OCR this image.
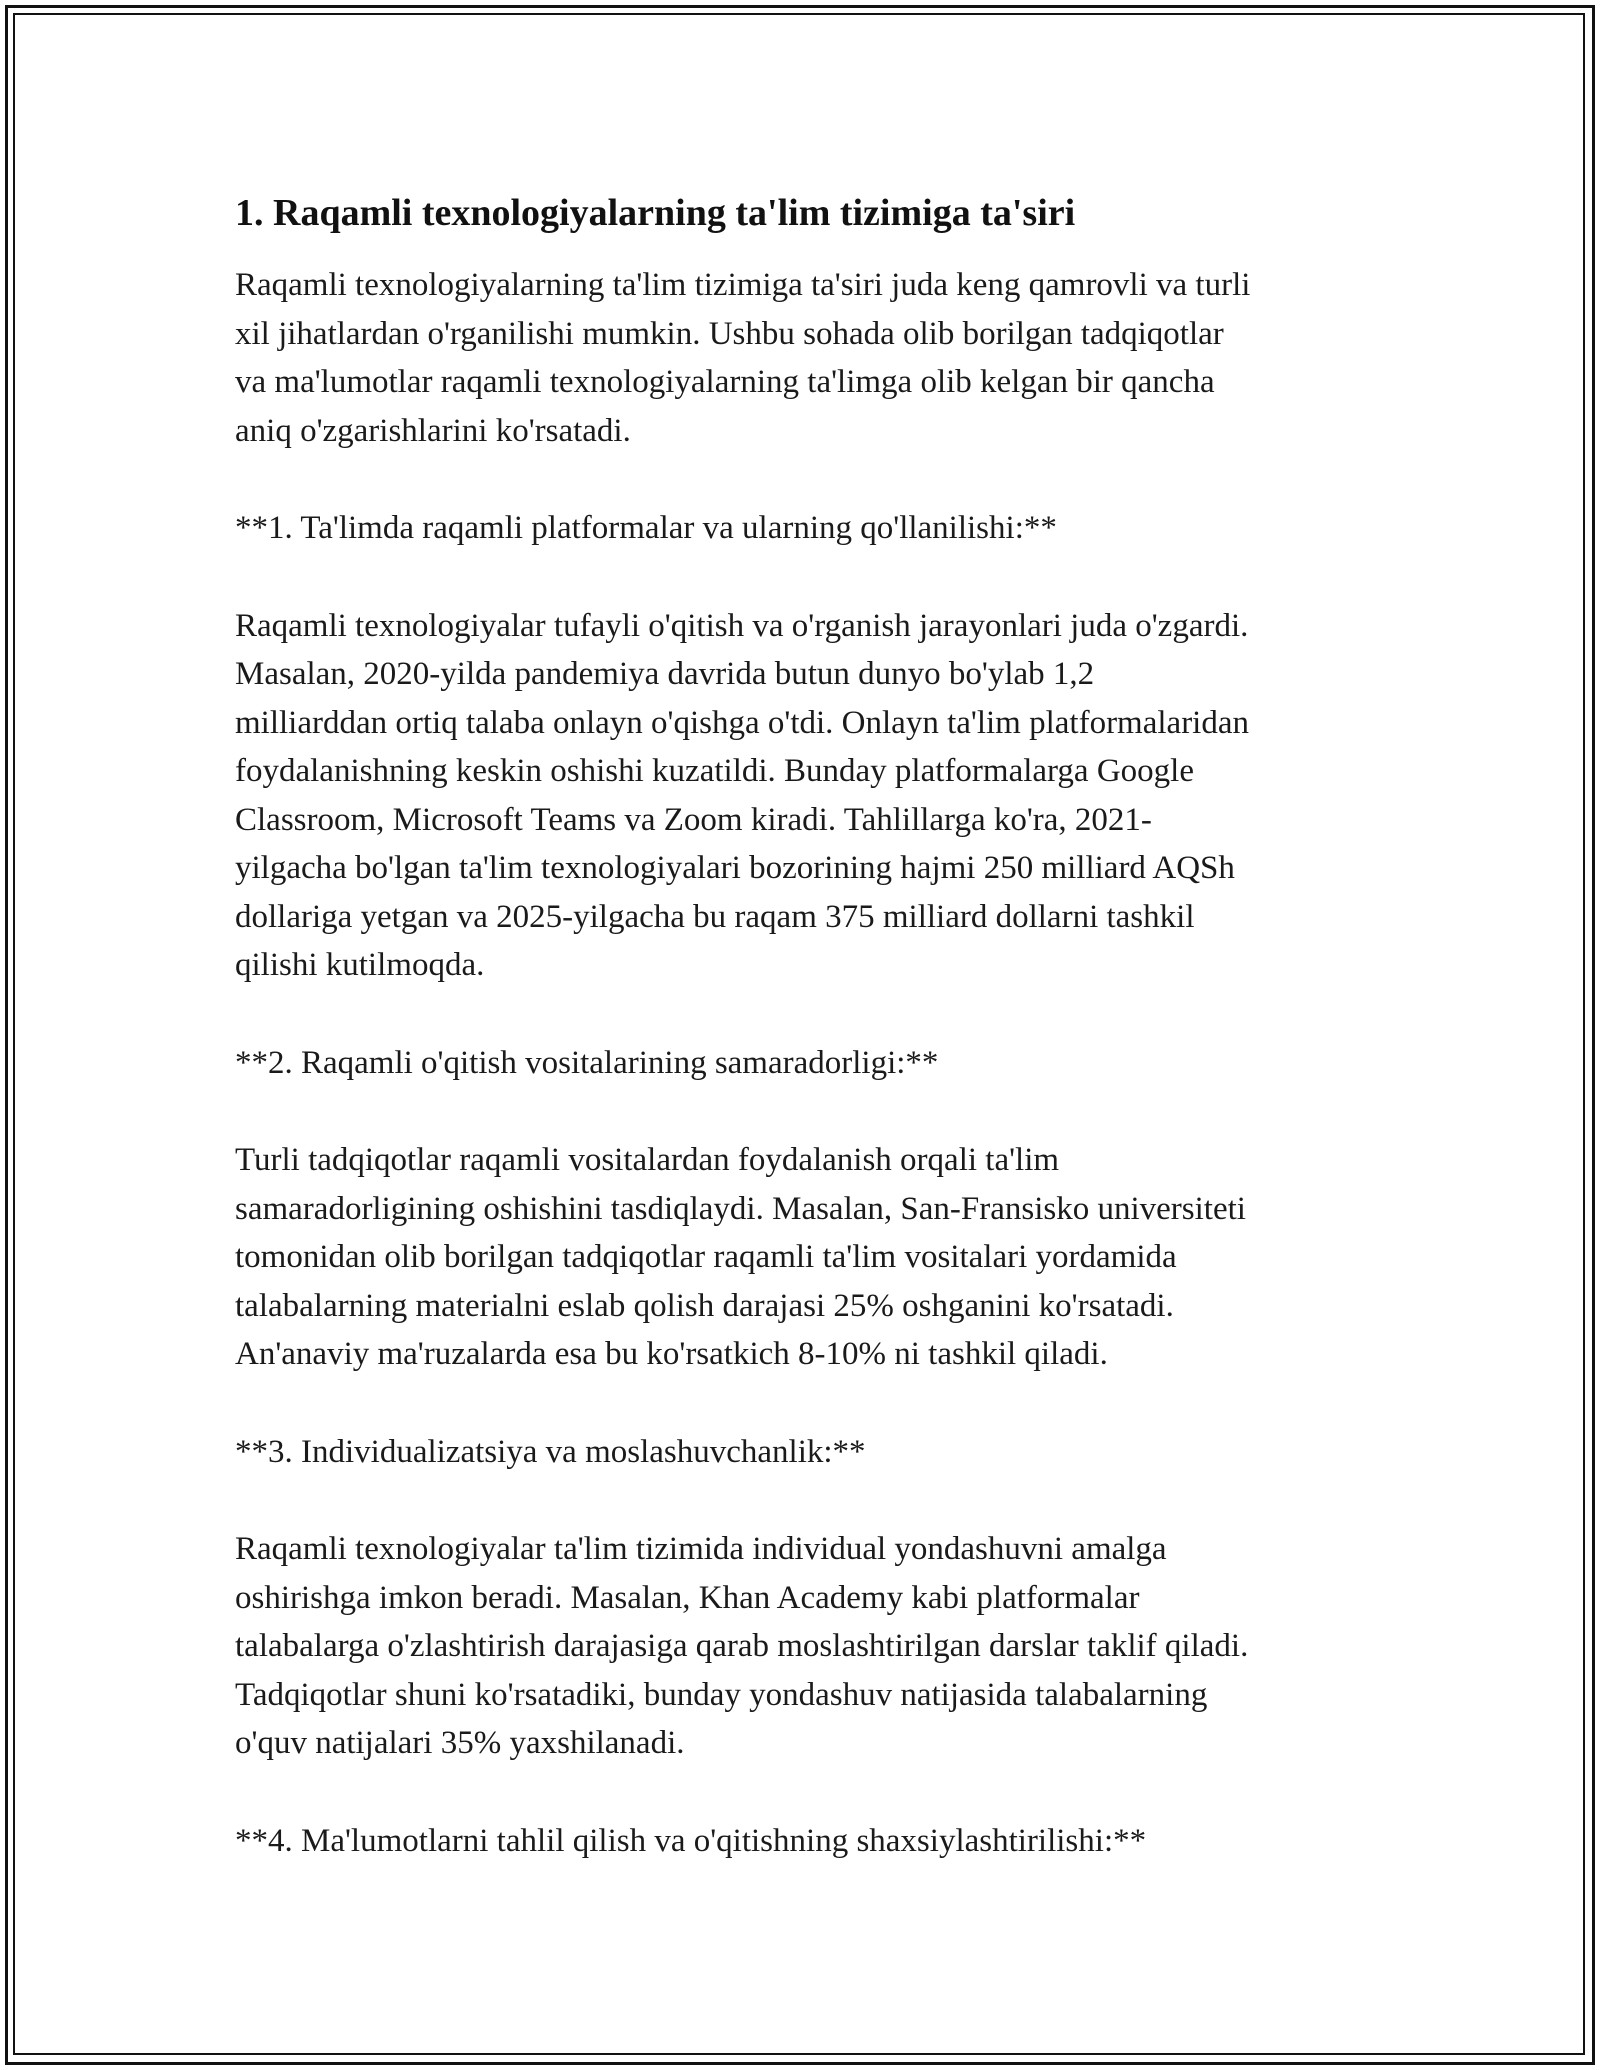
1. Raqamli texnologiyalarning ta'lim tizimiga ta'siri

Raqamli texnologiyalarning ta'lim tizimiga ta'siri juda keng qamrovli va turli
xil jihatlardan o'rganilishi mumkin. Ushbu sohada olib borilgan tadqiqotlar
va ma'lumotlar raqamli texnologiyalarning ta'limga olib kelgan bir qancha
aniq o'zgarishlarini ko'rsatadi.

**1. Ta'limda raqamli platformalar va ularning qo'llanilishi:**

Raqamli texnologiyalar tufayli o'qitish va o'rganish jarayonlari juda o'zgardi.
Masalan, 2020-yilda pandemiya davrida butun dunyo bo'ylab 1,2
milliarddan ortiq talaba onlayn o'qishga o'tdi. Onlayn ta'lim platformalaridan
foydalanishning keskin oshishi kuzatildi. Bunday platformalarga Google
Classroom, Microsoft Teams va Zoom kiradi. Tahlillarga ko'ra, 2021-
yilgacha bo'lgan ta'lim texnologiyalari bozorining hajmi 250 milliard AQSh
dollariga yetgan va 2025-yilgacha bu raqam 375 milliard dollarni tashkil
qilishi kutilmoqda.

**2. Raqamli o'qitish vositalarining samaradorligi:**

Turli tadqiqotlar raqamli vositalardan foydalanish orqali ta'lim
samaradorligining oshishini tasdiqlaydi. Masalan, San-Fransisko universiteti
tomonidan olib borilgan tadqiqotlar raqamli ta'lim vositalari yordamida
talabalarning materialni eslab qolish darajasi 25% oshganini ko'rsatadi.
An'anaviy ma'ruzalarda esa bu ko'rsatkich 8-10% ni tashkil qiladi.

**3. Individualizatsiya va moslashuvchanlik:**

Raqamli texnologiyalar ta'lim tizimida individual yondashuvni amalga
oshirishga imkon beradi. Masalan, Khan Academy kabi platformalar
talabalarga o'zlashtirish darajasiga qarab moslashtirilgan darslar taklif qiladi.
Tadqiqotlar shuni ko'rsatadiki, bunday yondashuv natijasida talabalarning
o'quv natijalari 35% yaxshilanadi.

**4. Ma'lumotlarni tahlil qilish va o'qitishning shaxsiylashtirilishi:**
